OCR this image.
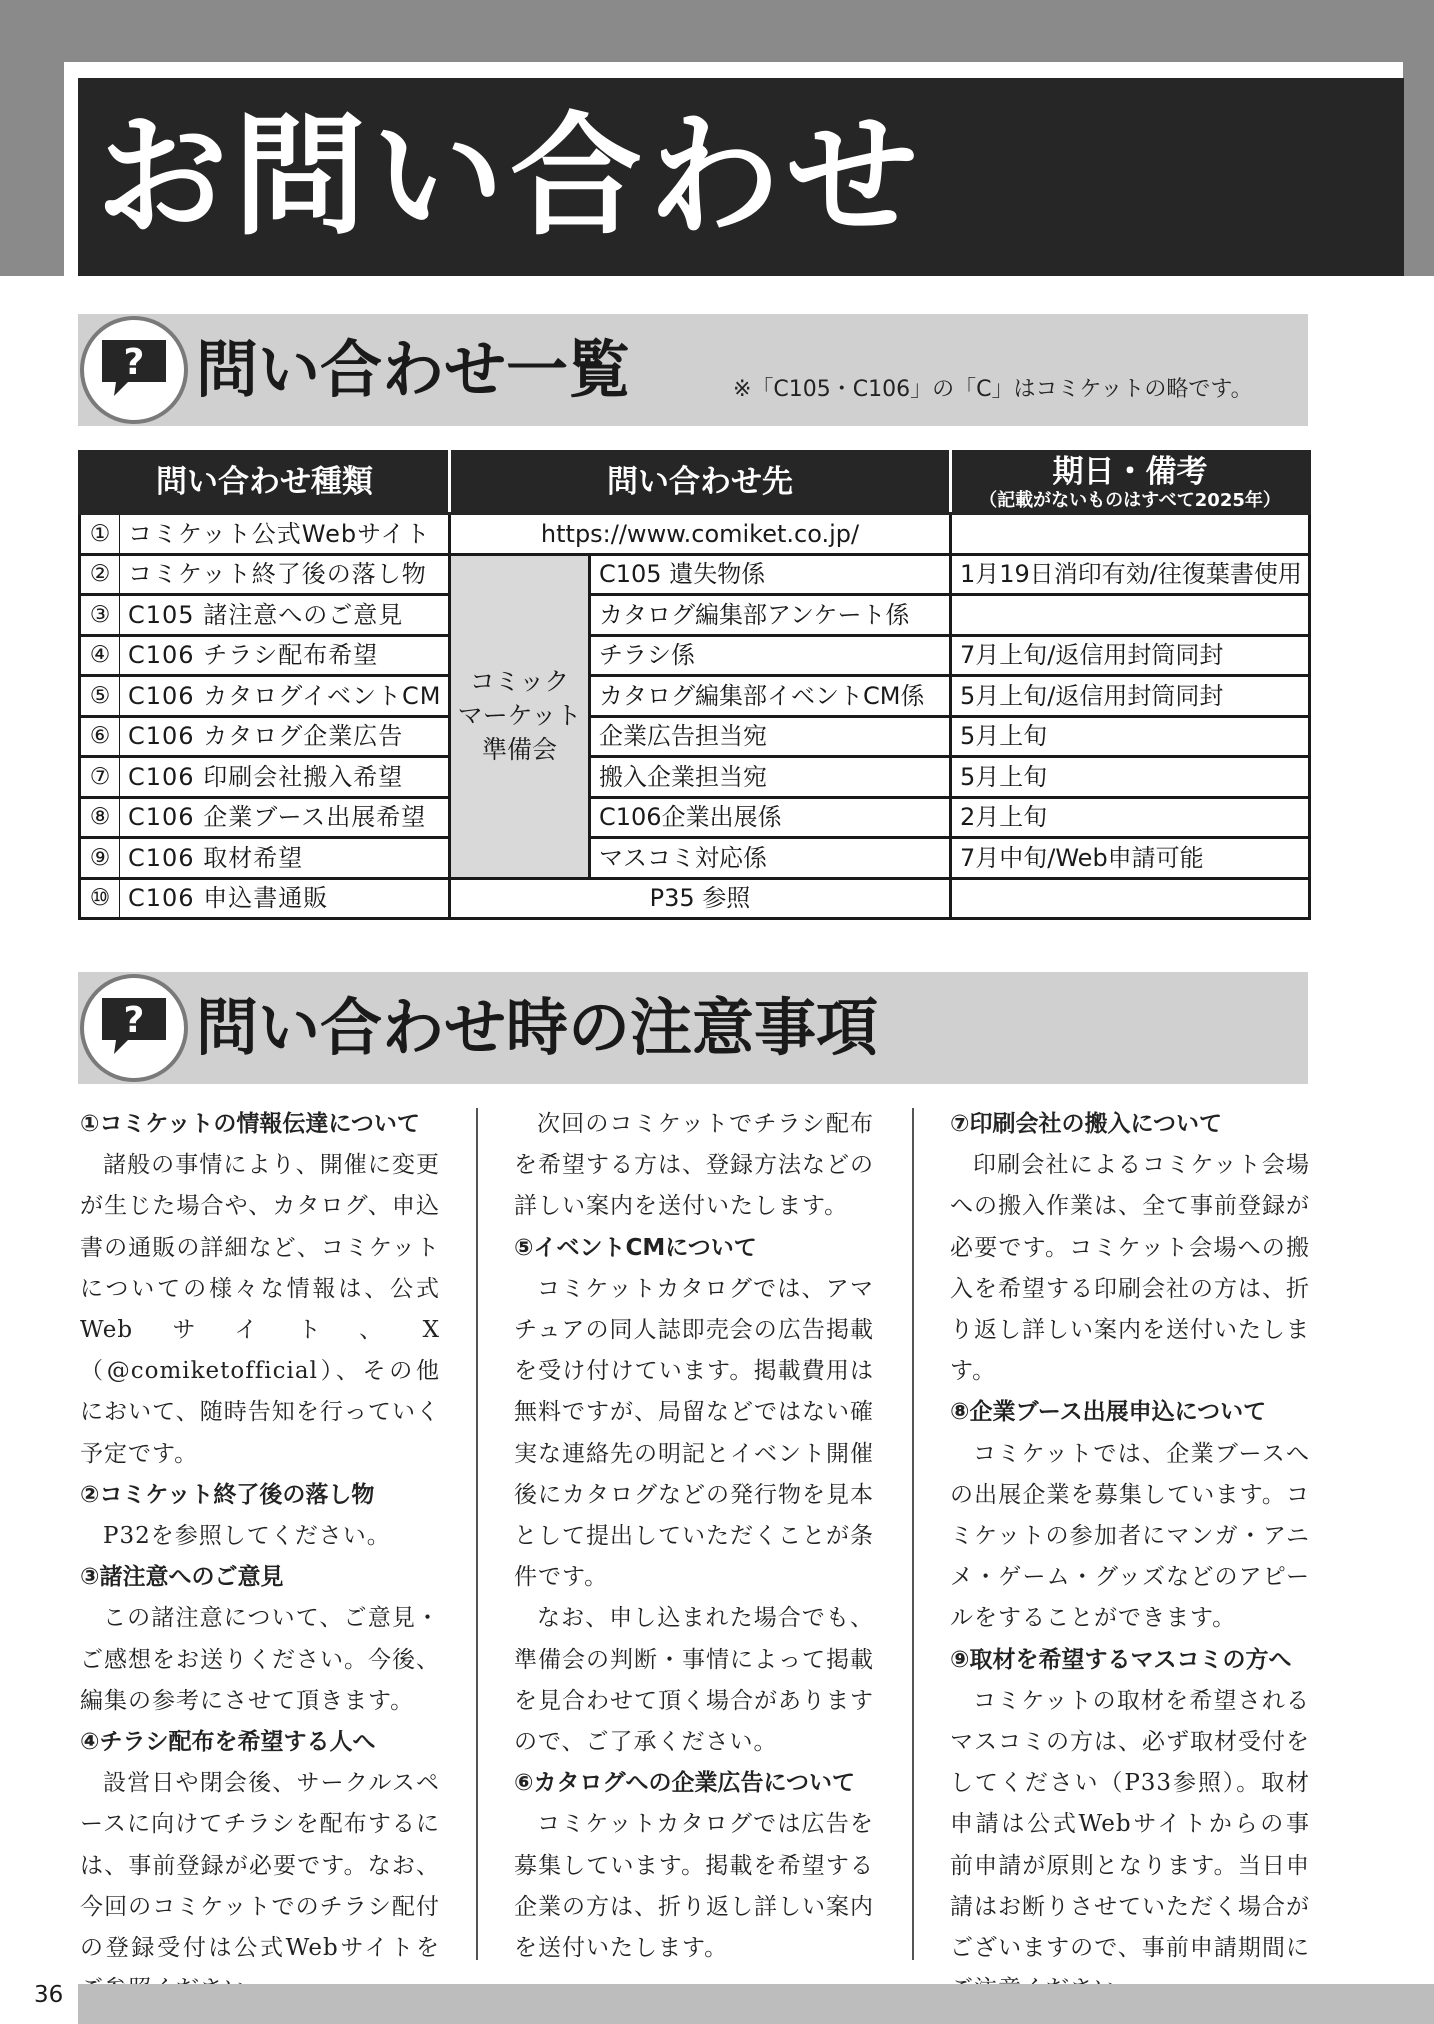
お問い合わせ
? 問い合わせ一覧	※「C105・C106」の「C」はコミケットの略です。
問い合わせ種類		問い合わせ先		期日・備考
（記載がないものはすべて2025年）

①	コミケット公式Webサイト	https://www.comiket.co.jp/		
②	コミケット終了後の落し物	コミック マーケット 準備会	C105 遺失物係	1月19日消印有効/往復葉書使用
③	C105 諸注意へのご意見		カタログ編集部アンケート係	
④	C106 チラシ配布希望		チラシ係	7月上旬/返信用封筒同封
⑤	C106 カタログイベントCM		カタログ編集部イベントCM係	5月上旬/返信用封筒同封
⑥	C106 カタログ企業広告		企業広告担当宛	5月上旬
⑦	C106 印刷会社搬入希望		搬入企業担当宛	5月上旬
⑧	C106 企業ブース出展希望		C106企業出展係	2月上旬
⑨	C106 取材希望		マスコミ対応係	7月中旬/Web申請可能
⑩	C106 申込書通販	P35 参照		
? 問い合わせ時の注意事項
①コミケットの情報伝達について
諸般の事情により、開催に変更が生じた場合や、カタログ、申込書の通販の詳細など、コミケットについての様々な情報は、公式Webサイト、X（@comiketofficial）、その他において、随時告知を行っていく予定です。
②コミケット終了後の落し物
P32を参照してください。
③諸注意へのご意見
この諸注意について、ご意見・ご感想をお送りください。今後、編集の参考にさせて頂きます。
④チラシ配布を希望する人へ
設営日や閉会後、サークルスペースに向けてチラシを配布するには、事前登録が必要です。なお、今回のコミケットでのチラシ配付の登録受付は公式Webサイトを
次回のコミケットでチラシ配布を希望する方は、登録方法などの詳しい案内を送付いたします。
⑤イベントCMについて
コミケットカタログでは、アマチュアの同人誌即売会の広告掲載を受け付けています。掲載費用は無料ですが、局留などではない確実な連絡先の明記とイベント開催後にカタログなどの発行物を見本として提出していただくことが条件です。
なお、申し込まれた場合でも、準備会の判断・事情によって掲載を見合わせて頂く場合がありますので、ご了承ください。
⑥カタログへの企業広告について
コミケットカタログでは広告を募集しています。掲載を希望する企業の方は、折り返し詳しい案内を送付いたします。
⑦印刷会社の搬入について
印刷会社によるコミケット会場への搬入作業は、全て事前登録が必要です。コミケット会場への搬入を希望する印刷会社の方は、折り返し詳しい案内を送付いたします。
⑧企業ブース出展申込について
コミケットでは、企業ブースへの出展企業を募集しています。コミケットの参加者にマンガ・アニメ・ゲーム・グッズなどのアピールをすることができます。
⑨取材を希望するマスコミの方へ
コミケットの取材を希望されるマスコミの方は、必ず取材受付をしてください（P33参照）。取材申請は公式Webサイトからの事前申請が原則となります。当日申請はお断りさせていただく場合がございますので、事前申請期間に
36
